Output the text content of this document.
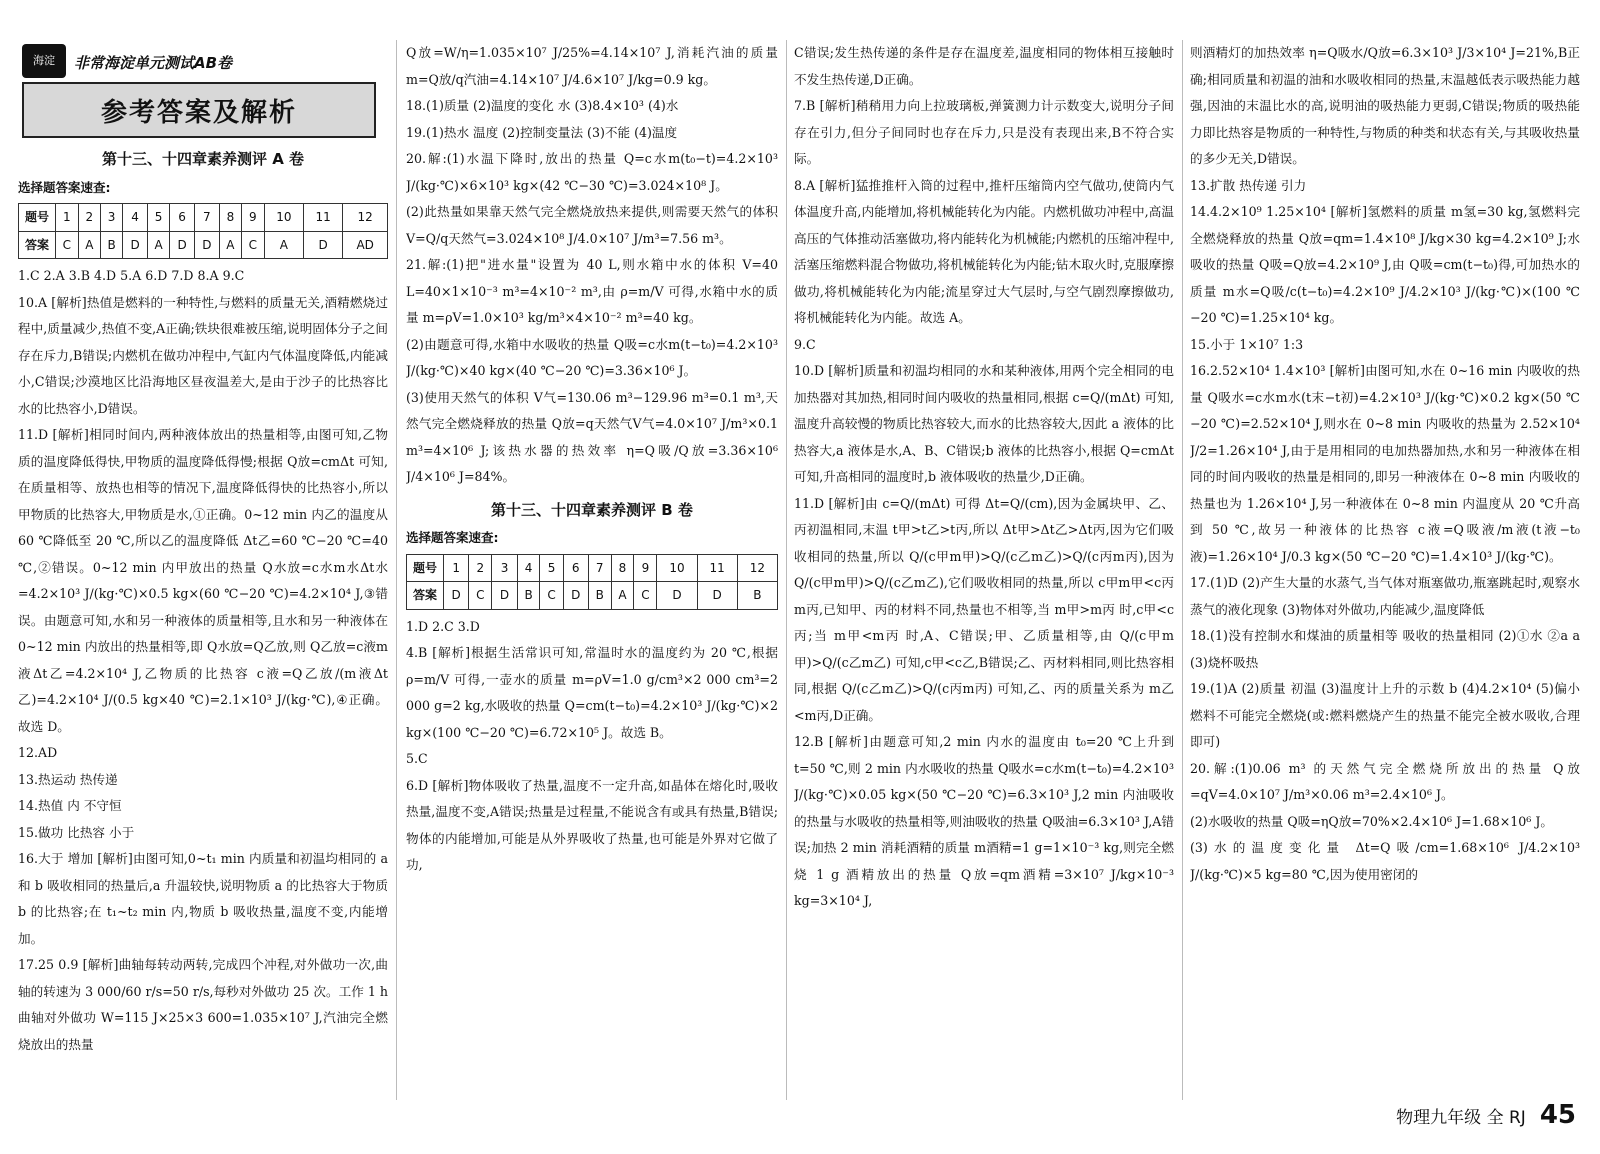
海淀	非常海淀单元测试AB卷
参考答案及解析
第十三、十四章素养测评 A 卷
选择题答案速查:
题号	1	2	3	4	5	6	7	8	9	10	11	12
答案	C	A	B	D	A	D	D	A	C	A	D	AD

1.C 2.A 3.B 4.D 5.A 6.D 7.D 8.A 9.C

10.A [解析]热值是燃料的一种特性,与燃料的质量无关,酒精燃烧过程中,质量减少,热值不变,A正确;铁块很难被压缩,说明固体分子之间存在斥力,B错误;内燃机在做功冲程中,气缸内气体温度降低,内能减小,C错误;沙漠地区比沿海地区昼夜温差大,是由于沙子的比热容比水的比热容小,D错误。

11.D [解析]相同时间内,两种液体放出的热量相等,由图可知,乙物质的温度降低得快,甲物质的温度降低得慢;根据 Q放=cmΔt 可知,在质量相等、放热也相等的情况下,温度降低得快的比热容小,所以甲物质的比热容大,甲物质是水,①正确。0~12 min 内乙的温度从 60 ℃降低至 20 ℃,所以乙的温度降低 Δt乙=60 ℃−20 ℃=40 ℃,②错误。0~12 min 内甲放出的热量 Q水放=c水m水Δt水=4.2×10³ J/(kg·℃)×0.5 kg×(60 ℃−20 ℃)=4.2×10⁴ J,③错误。由题意可知,水和另一种液体的质量相等,且水和另一种液体在 0~12 min 内放出的热量相等,即 Q水放=Q乙放,则 Q乙放=c液m液Δt乙=4.2×10⁴ J,乙物质的比热容 c液=Q乙放/(m液Δt乙)=4.2×10⁴ J/(0.5 kg×40 ℃)=2.1×10³ J/(kg·℃),④正确。故选 D。

12.AD

13.热运动 热传递

14.热值 内 不守恒

15.做功 比热容 小于

16.大于 增加 [解析]由图可知,0~t₁ min 内质量和初温均相同的 a 和 b 吸收相同的热量后,a 升温较快,说明物质 a 的比热容大于物质 b 的比热容;在 t₁~t₂ min 内,物质 b 吸收热量,温度不变,内能增加。

17.25 0.9 [解析]曲轴每转动两转,完成四个冲程,对外做功一次,曲轴的转速为 3 000/60 r/s=50 r/s,每秒对外做功 25 次。工作 1 h 曲轴对外做功 W=115 J×25×3 600=1.035×10⁷ J,汽油完全燃烧放出的热量

Q放=W/η=1.035×10⁷ J/25%=4.14×10⁷ J,消耗汽油的质量 m=Q放/q汽油=4.14×10⁷ J/4.6×10⁷ J/kg=0.9 kg。

18.(1)质量 (2)温度的变化 水 (3)8.4×10³ (4)水

19.(1)热水 温度 (2)控制变量法 (3)不能 (4)温度

20.解:(1)水温下降时,放出的热量 Q=c水m(t₀−t)=4.2×10³ J/(kg·℃)×6×10³ kg×(42 ℃−30 ℃)=3.024×10⁸ J。

(2)此热量如果靠天然气完全燃烧放热来提供,则需要天然气的体积 V=Q/q天然气=3.024×10⁸ J/4.0×10⁷ J/m³=7.56 m³。

21.解:(1)把"进水量"设置为 40 L,则水箱中水的体积 V=40 L=40×1×10⁻³ m³=4×10⁻² m³,由 ρ=m/V 可得,水箱中水的质量 m=ρV=1.0×10³ kg/m³×4×10⁻² m³=40 kg。

(2)由题意可得,水箱中水吸收的热量 Q吸=c水m(t−t₀)=4.2×10³ J/(kg·℃)×40 kg×(40 ℃−20 ℃)=3.36×10⁶ J。

(3)使用天然气的体积 V气=130.06 m³−129.96 m³=0.1 m³,天然气完全燃烧释放的热量 Q放=q天然气V气=4.0×10⁷ J/m³×0.1 m³=4×10⁶ J;该热水器的热效率 η=Q吸/Q放=3.36×10⁶ J/4×10⁶ J=84%。

第十三、十四章素养测评 B 卷
选择题答案速查:
题号	1	2	3	4	5	6	7	8	9	10	11	12
答案	D	C	D	B	C	D	B	A	C	D	D	B

1.D 2.C 3.D

4.B [解析]根据生活常识可知,常温时水的温度约为 20 ℃,根据 ρ=m/V 可得,一壶水的质量 m=ρV=1.0 g/cm³×2 000 cm³=2 000 g=2 kg,水吸收的热量 Q=cm(t−t₀)=4.2×10³ J/(kg·℃)×2 kg×(100 ℃−20 ℃)=6.72×10⁵ J。故选 B。

5.C

6.D [解析]物体吸收了热量,温度不一定升高,如晶体在熔化时,吸收热量,温度不变,A错误;热量是过程量,不能说含有或具有热量,B错误;物体的内能增加,可能是从外界吸收了热量,也可能是外界对它做了功,

C错误;发生热传递的条件是存在温度差,温度相同的物体相互接触时不发生热传递,D正确。

7.B [解析]稍稍用力向上拉玻璃板,弹簧测力计示数变大,说明分子间存在引力,但分子间同时也存在斥力,只是没有表现出来,B不符合实际。

8.A [解析]猛推推杆入筒的过程中,推杆压缩筒内空气做功,使筒内气体温度升高,内能增加,将机械能转化为内能。内燃机做功冲程中,高温高压的气体推动活塞做功,将内能转化为机械能;内燃机的压缩冲程中,活塞压缩燃料混合物做功,将机械能转化为内能;钻木取火时,克服摩擦做功,将机械能转化为内能;流星穿过大气层时,与空气剧烈摩擦做功,将机械能转化为内能。故选 A。

9.C

10.D [解析]质量和初温均相同的水和某种液体,用两个完全相同的电加热器对其加热,相同时间内吸收的热量相同,根据 c=Q/(mΔt) 可知,温度升高较慢的物质比热容较大,而水的比热容较大,因此 a 液体的比热容大,a 液体是水,A、B、C错误;b 液体的比热容小,根据 Q=cmΔt 可知,升高相同的温度时,b 液体吸收的热量少,D正确。

11.D [解析]由 c=Q/(mΔt) 可得 Δt=Q/(cm),因为金属块甲、乙、丙初温相同,末温 t甲>t乙>t丙,所以 Δt甲>Δt乙>Δt丙,因为它们吸收相同的热量,所以 Q/(c甲m甲)>Q/(c乙m乙)>Q/(c丙m丙),因为 Q/(c甲m甲)>Q/(c乙m乙),它们吸收相同的热量,所以 c甲m甲<c丙m丙,已知甲、丙的材料不同,热量也不相等,当 m甲>m丙 时,c甲<c丙;当 m甲<m丙 时,A、C错误;甲、乙质量相等,由 Q/(c甲m甲)>Q/(c乙m乙) 可知,c甲<c乙,B错误;乙、丙材料相同,则比热容相同,根据 Q/(c乙m乙)>Q/(c丙m丙) 可知,乙、丙的质量关系为 m乙<m丙,D正确。

12.B [解析]由题意可知,2 min 内水的温度由 t₀=20 ℃上升到 t=50 ℃,则 2 min 内水吸收的热量 Q吸水=c水m(t−t₀)=4.2×10³ J/(kg·℃)×0.05 kg×(50 ℃−20 ℃)=6.3×10³ J,2 min 内油吸收的热量与水吸收的热量相等,则油吸收的热量 Q吸油=6.3×10³ J,A错误;加热 2 min 消耗酒精的质量 m酒精=1 g=1×10⁻³ kg,则完全燃烧 1 g 酒精放出的热量 Q放=qm酒精=3×10⁷ J/kg×10⁻³ kg=3×10⁴ J,

则酒精灯的加热效率 η=Q吸水/Q放=6.3×10³ J/3×10⁴ J=21%,B正确;相同质量和初温的油和水吸收相同的热量,末温越低表示吸热能力越强,因油的末温比水的高,说明油的吸热能力更弱,C错误;物质的吸热能力即比热容是物质的一种特性,与物质的种类和状态有关,与其吸收热量的多少无关,D错误。

13.扩散 热传递 引力

14.4.2×10⁹ 1.25×10⁴ [解析]氢燃料的质量 m氢=30 kg,氢燃料完全燃烧释放的热量 Q放=qm=1.4×10⁸ J/kg×30 kg=4.2×10⁹ J;水吸收的热量 Q吸=Q放=4.2×10⁹ J,由 Q吸=cm(t−t₀)得,可加热水的质量 m水=Q吸/c(t−t₀)=4.2×10⁹ J/4.2×10³ J/(kg·℃)×(100 ℃−20 ℃)=1.25×10⁴ kg。

15.小于 1×10⁷ 1:3

16.2.52×10⁴ 1.4×10³ [解析]由图可知,水在 0~16 min 内吸收的热量 Q吸水=c水m水(t末−t初)=4.2×10³ J/(kg·℃)×0.2 kg×(50 ℃−20 ℃)=2.52×10⁴ J,则水在 0~8 min 内吸收的热量为 2.52×10⁴ J/2=1.26×10⁴ J,由于是用相同的电加热器加热,水和另一种液体在相同的时间内吸收的热量是相同的,即另一种液体在 0~8 min 内吸收的热量也为 1.26×10⁴ J,另一种液体在 0~8 min 内温度从 20 ℃升高到 50 ℃,故另一种液体的比热容 c液=Q吸液/m液(t液−t₀液)=1.26×10⁴ J/0.3 kg×(50 ℃−20 ℃)=1.4×10³ J/(kg·℃)。

17.(1)D (2)产生大量的水蒸气,当气体对瓶塞做功,瓶塞跳起时,观察水蒸气的液化现象 (3)物体对外做功,内能减少,温度降低

18.(1)没有控制水和煤油的质量相等 吸收的热量相同 (2)①水 ②a a (3)烧杯吸热

19.(1)A (2)质量 初温 (3)温度计上升的示数 b (4)4.2×10⁴ (5)偏小 燃料不可能完全燃烧(或:燃料燃烧产生的热量不能完全被水吸收,合理即可)

20.解:(1)0.06 m³ 的天然气完全燃烧所放出的热量 Q放=qV=4.0×10⁷ J/m³×0.06 m³=2.4×10⁶ J。

(2)水吸收的热量 Q吸=ηQ放=70%×2.4×10⁶ J=1.68×10⁶ J。

(3)水的温度变化量 Δt=Q吸/cm=1.68×10⁶ J/4.2×10³ J/(kg·℃)×5 kg=80 ℃,因为使用密闭的

物理九年级 全 RJ 45
